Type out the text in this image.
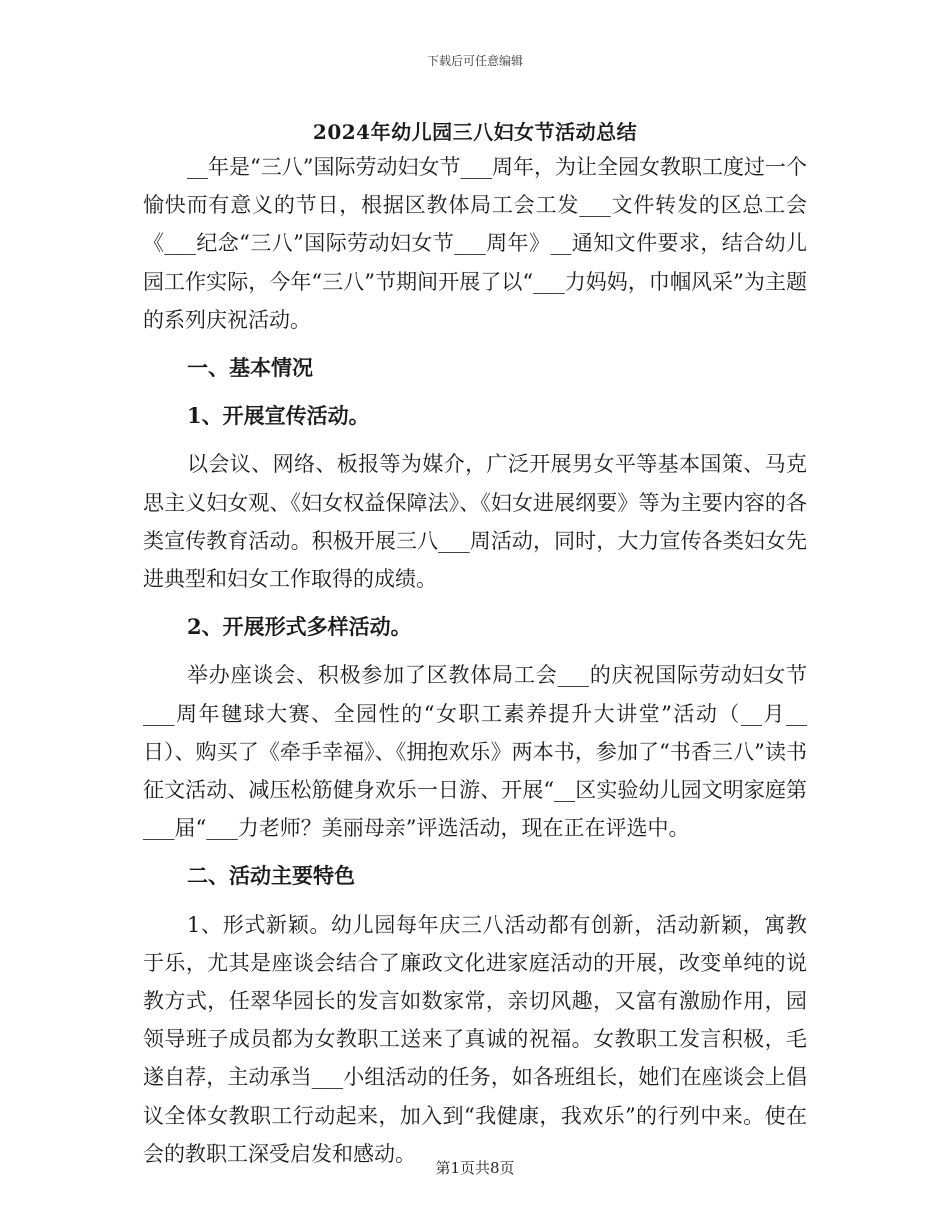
下载后可任意编辑
2024年幼儿园三八妇女节活动总结

__年是“三八”国际劳动妇女节___周年，为让全园女教职工度过一个愉快而有意义的节日，根据区教体局工会工发___文件转发的区总工会《___纪念“三八”国际劳动妇女节___周年》__通知文件要求，结合幼儿园工作实际，今年“三八”节期间开展了以“___力妈妈，巾帼风采”为主题的系列庆祝活动。

一、基本情况

1、开展宣传活动。

以会议、网络、板报等为媒介，广泛开展男女平等基本国策、马克思主义妇女观、《妇女权益保障法》、《妇女进展纲要》等为主要内容的各类宣传教育活动。积极开展三八___周活动，同时，大力宣传各类妇女先进典型和妇女工作取得的成绩。

2、开展形式多样活动。

举办座谈会、积极参加了区教体局工会___的庆祝国际劳动妇女节___周年毽球大赛、全园性的“女职工素养提升大讲堂”活动（__月__日）、购买了《牵手幸福》、《拥抱欢乐》两本书，参加了“书香三八”读书征文活动、减压松筋健身欢乐一日游、开展“__区实验幼儿园文明家庭第___届“___力老师？美丽母亲”评选活动，现在正在评选中。

二、活动主要特色

1、形式新颖。幼儿园每年庆三八活动都有创新，活动新颖，寓教于乐，尤其是座谈会结合了廉政文化进家庭活动的开展，改变单纯的说教方式，任翠华园长的发言如数家常，亲切风趣，又富有激励作用，园领导班子成员都为女教职工送来了真诚的祝福。女教职工发言积极，毛遂自荐，主动承当___小组活动的任务，如各班组长，她们在座谈会上倡议全体女教职工行动起来，加入到“我健康，我欢乐”的行列中来。使在会的教职工深受启发和感动。

第1页共8页
